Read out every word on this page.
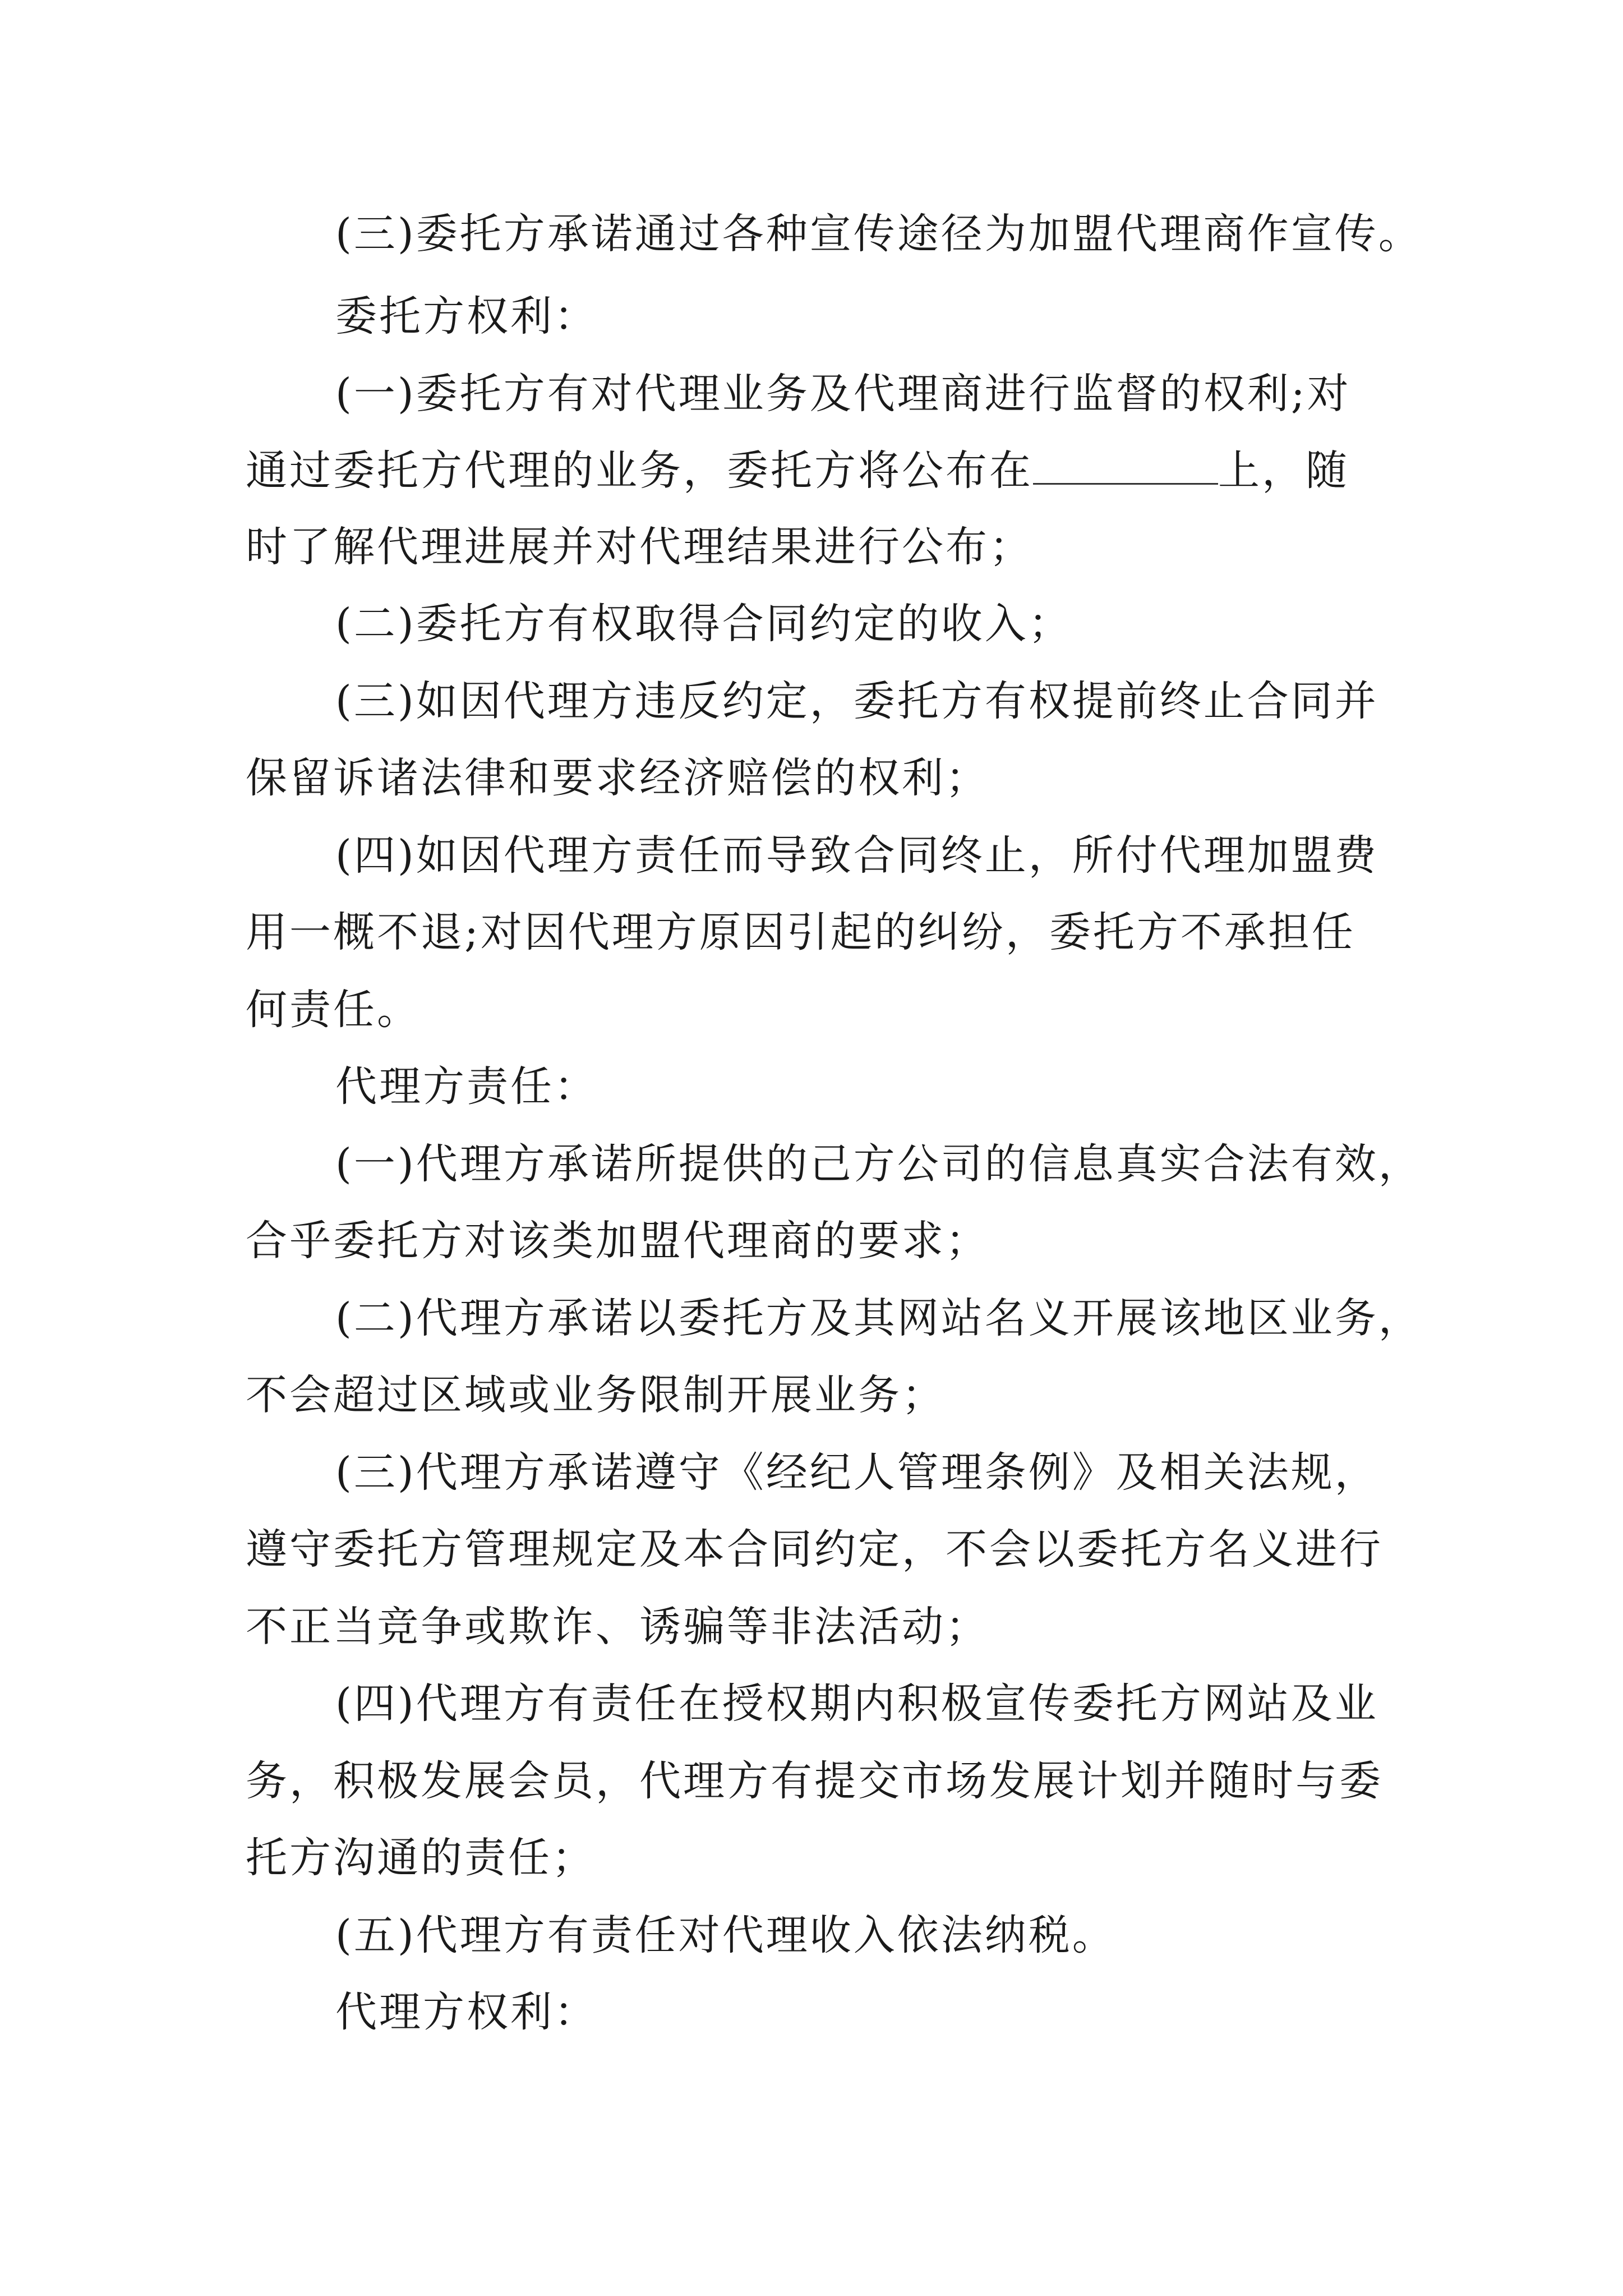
(三)委托方承诺通过各种宣传途径为加盟代理商作宣传。
委托方权利：
(一)委托方有对代理业务及代理商进行监督的权利;对
通过委托方代理的业务，委托方将公布在	上，随
时了解代理进展并对代理结果进行公布；
(二)委托方有权取得合同约定的收入；
(三)如因代理方违反约定，委托方有权提前终止合同并
保留诉诸法律和要求经济赔偿的权利；
(四)如因代理方责任而导致合同终止，所付代理加盟费
用一概不退;对因代理方原因引起的纠纷，委托方不承担任
何责任。
代理方责任：
(一)代理方承诺所提供的己方公司的信息真实合法有效，
合乎委托方对该类加盟代理商的要求；
(二)代理方承诺以委托方及其网站名义开展该地区业务，
不会超过区域或业务限制开展业务；
(三)代理方承诺遵守《经纪人管理条例》及相关法规，
遵守委托方管理规定及本合同约定，不会以委托方名义进行
不正当竞争或欺诈、诱骗等非法活动；
(四)代理方有责任在授权期内积极宣传委托方网站及业
务，积极发展会员，代理方有提交市场发展计划并随时与委
托方沟通的责任；
(五)代理方有责任对代理收入依法纳税。
代理方权利：
